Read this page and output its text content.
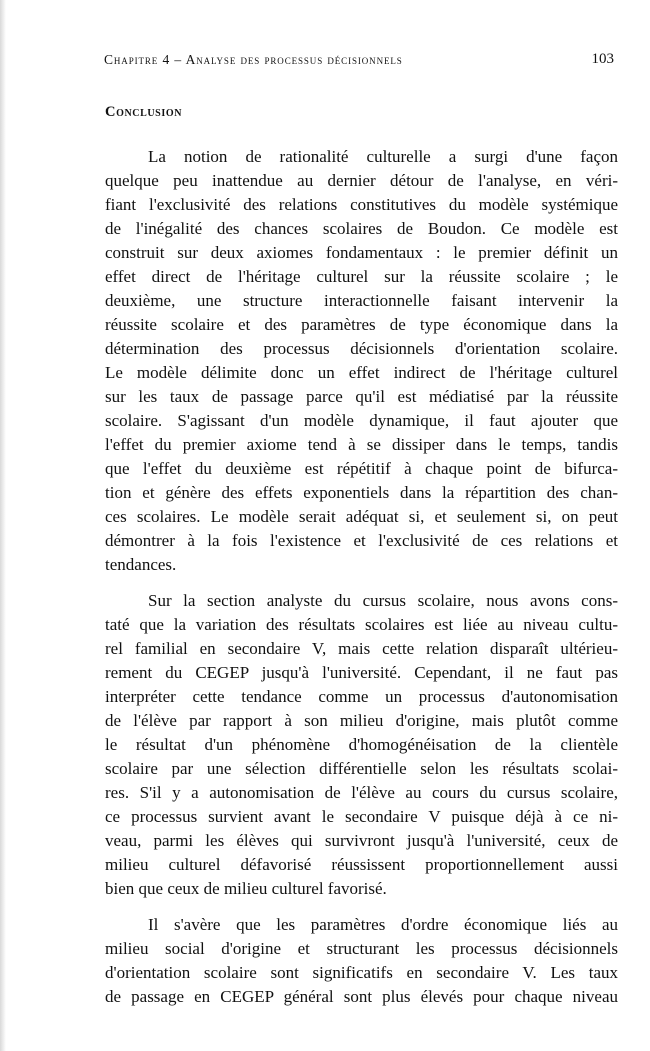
Chapitre 4 – Analyse des processus décisionnels	103
Conclusion
La notion de rationalité culturelle a surgi d'une façon
quelque peu inattendue au dernier détour de l'analyse, en véri-
fiant l'exclusivité des relations constitutives du modèle systémique
de l'inégalité des chances scolaires de Boudon. Ce modèle est
construit sur deux axiomes fondamentaux : le premier définit un
effet direct de l'héritage culturel sur la réussite scolaire ; le
deuxième, une structure interactionnelle faisant intervenir la
réussite scolaire et des paramètres de type économique dans la
détermination des processus décisionnels d'orientation scolaire.
Le modèle délimite donc un effet indirect de l'héritage culturel
sur les taux de passage parce qu'il est médiatisé par la réussite
scolaire. S'agissant d'un modèle dynamique, il faut ajouter que
l'effet du premier axiome tend à se dissiper dans le temps, tandis
que l'effet du deuxième est répétitif à chaque point de bifurca-
tion et génère des effets exponentiels dans la répartition des chan-
ces scolaires. Le modèle serait adéquat si, et seulement si, on peut
démontrer à la fois l'existence et l'exclusivité de ces relations et
tendances.
Sur la section analyste du cursus scolaire, nous avons cons-
taté que la variation des résultats scolaires est liée au niveau cultu-
rel familial en secondaire V, mais cette relation disparaît ultérieu-
rement du CEGEP jusqu'à l'université. Cependant, il ne faut pas
interpréter cette tendance comme un processus d'autonomisation
de l'élève par rapport à son milieu d'origine, mais plutôt comme
le résultat d'un phénomène d'homogénéisation de la clientèle
scolaire par une sélection différentielle selon les résultats scolai-
res. S'il y a autonomisation de l'élève au cours du cursus scolaire,
ce processus survient avant le secondaire V puisque déjà à ce ni-
veau, parmi les élèves qui survivront jusqu'à l'université, ceux de
milieu culturel défavorisé réussissent proportionnellement aussi
bien que ceux de milieu culturel favorisé.
Il s'avère que les paramètres d'ordre économique liés au
milieu social d'origine et structurant les processus décisionnels
d'orientation scolaire sont significatifs en secondaire V. Les taux
de passage en CEGEP général sont plus élevés pour chaque niveau
